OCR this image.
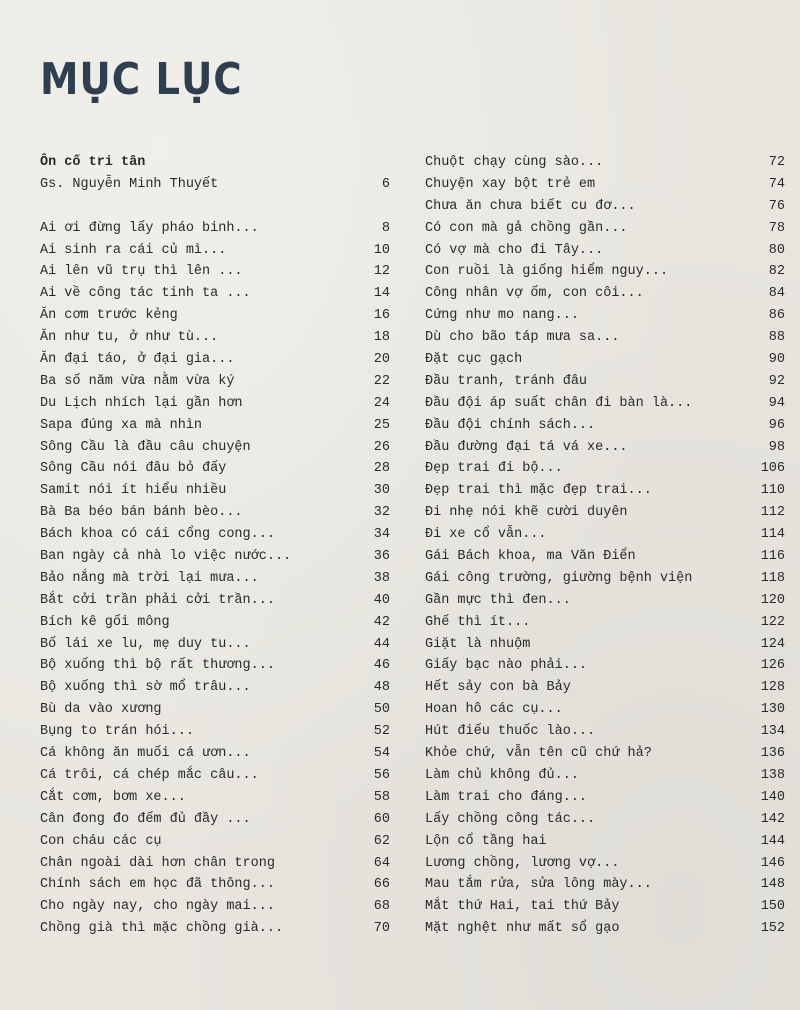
MỤC LỤC
Ôn cố tri tân
Gs. Nguyễn Minh Thuyết	6
Ai ơi đừng lấy pháo binh...	8
Ai sinh ra cái củ mì...	10
Ai lên vũ trụ thì lên ...	12
Ai về công tác tinh ta ...	14
Ăn cơm trước kẻng	16
Ăn như tu, ở như tù...	18
Ăn đại táo, ở đại gia...	20
Ba số năm vừa nằm vừa ký	22
Du Lịch nhích lại gần hơn	24
Sapa đúng xa mà nhìn	25
Sông Cầu là đầu câu chuyện	26
Sông Cầu nói đâu bỏ đấy	28
Samit nói ít hiểu nhiều	30
Bà Ba béo bán bánh bèo...	32
Bách khoa có cái cổng cong...	34
Ban ngày cả nhà lo việc nước...	36
Bảo nắng mà trời lại mưa...	38
Bắt cởi trần phải cởi trần...	40
Bích kê gối mông	42
Bố lái xe lu, mẹ duy tu...	44
Bộ xuống thì bộ rất thương...	46
Bộ xuống thì sờ mổ trâu...	48
Bù da vào xương	50
Bụng to trán hói...	52
Cá không ăn muối cá ươn...	54
Cá trôi, cá chép mắc câu...	56
Cắt cơm, bơm xe...	58
Cân đong đo đếm đủ đầy ...	60
Con cháu các cụ	62
Chân ngoài dài hơn chân trong	64
Chính sách em học đã thông...	66
Cho ngày nay, cho ngày mai...	68
Chồng già thì mặc chồng già...	70
Chuột chạy cùng sào...	72
Chuyện xay bột trẻ em	74
Chưa ăn chưa biết cu đơ...	76
Có con mà gả chồng gần...	78
Có vợ mà cho đi Tây...	80
Con ruồi là giống hiểm nguy...	82
Công nhân vợ ốm, con côi...	84
Cứng như mo nang...	86
Dù cho bão táp mưa sa...	88
Đặt cục gạch	90
Đầu tranh, tránh đâu	92
Đầu đội áp suất chân đi bàn là...	94
Đầu đội chính sách...	96
Đầu đường đại tá vá xe...	98
Đẹp trai đi bộ...	106
Đẹp trai thì mặc đẹp trai...	110
Đi nhẹ nói khẽ cười duyên	112
Đi xe cổ vẫn...	114
Gái Bách khoa, ma Văn Điển	116
Gái công trường, giường bệnh viện	118
Gần mực thì đen...	120
Ghế thì ít...	122
Giặt là nhuộm	124
Giấy bạc nào phải...	126
Hết sảy con bà Bảy	128
Hoan hô các cụ...	130
Hút điếu thuốc lào...	134
Khỏe chứ, vẫn tên cũ chứ hả?	136
Làm chủ không đủ...	138
Làm trai cho đáng...	140
Lấy chồng công tác...	142
Lộn cổ tầng hai	144
Lương chồng, lương vợ...	146
Mau tắm rửa, sửa lông mày...	148
Mắt thứ Hai, tai thứ Bảy	150
Mặt nghệt như mất sổ gạo	152
